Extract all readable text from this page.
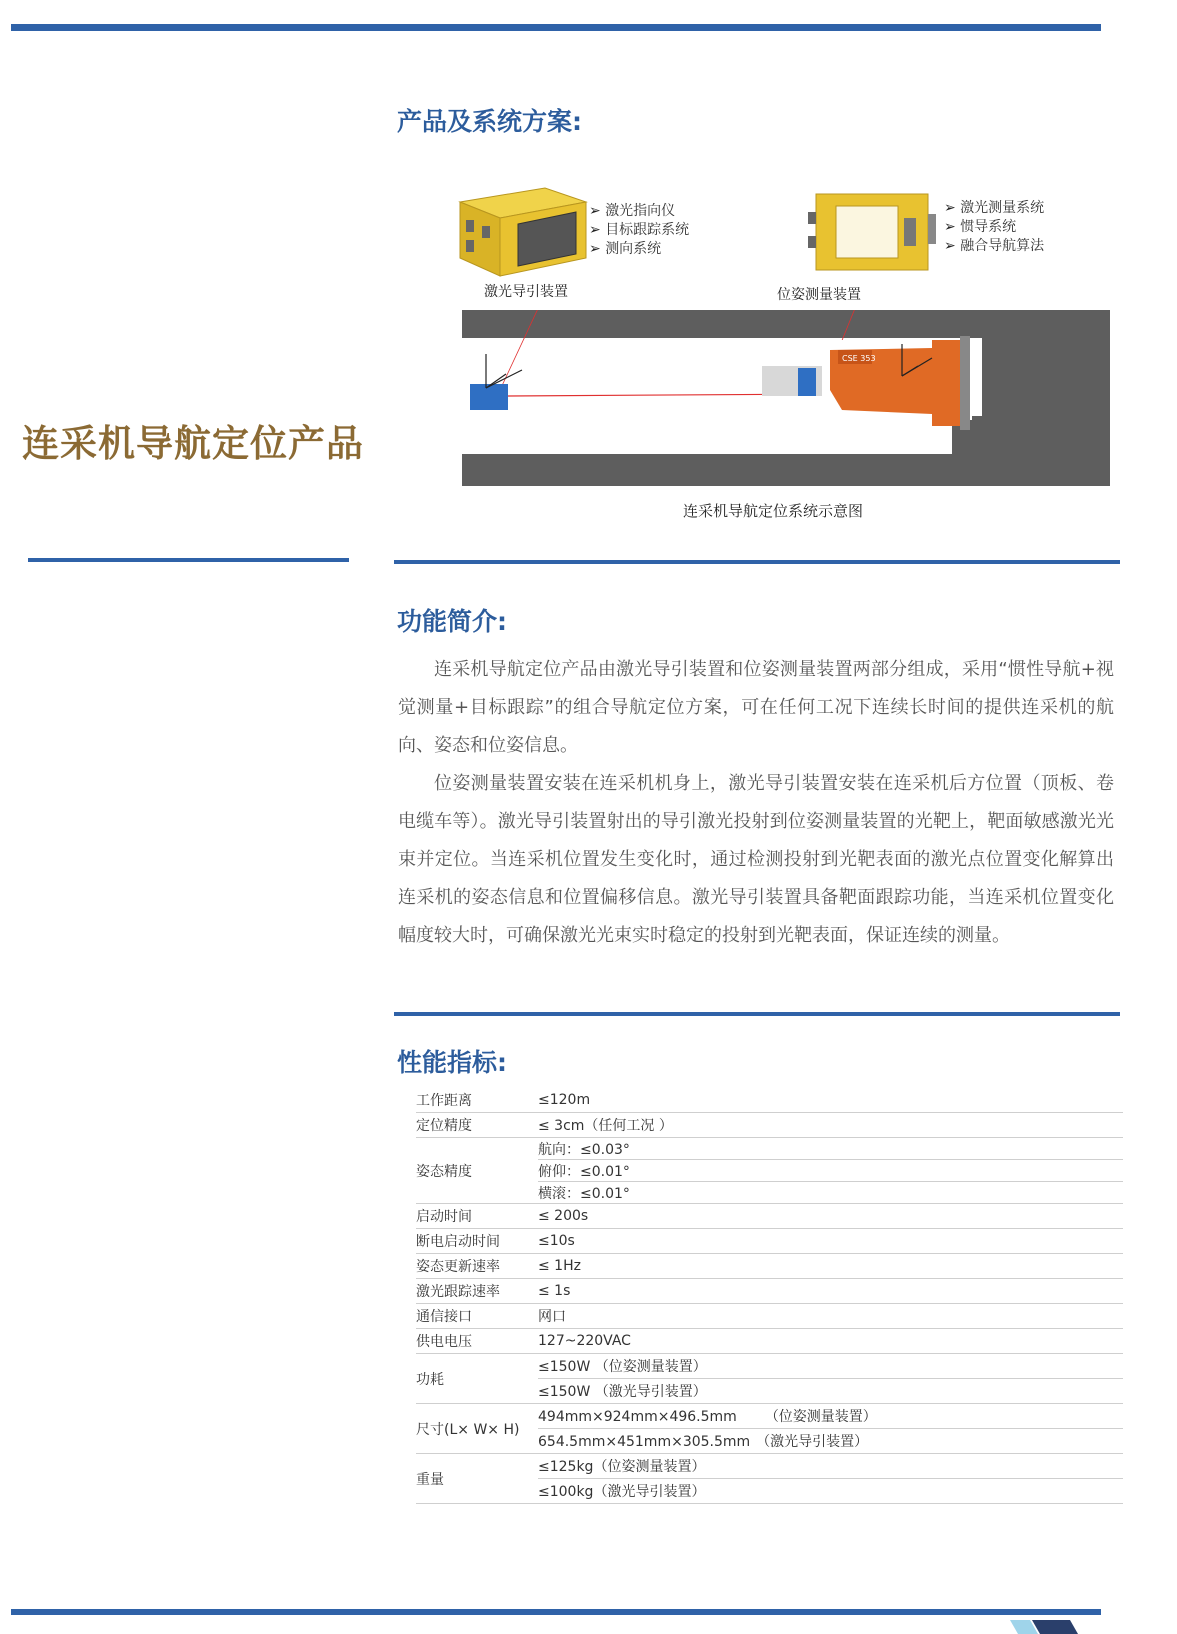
连采机导航定位产品
产品及系统方案:
➢ 激光指向仪
➢ 目标跟踪系统
➢ 测向系统
激光导引装置
➢ 激光测量系统
➢ 惯导系统
➢ 融合导航算法
位姿测量装置
CSE 353
连采机导航定位系统示意图
功能简介:

连采机导航定位产品由激光导引装置和位姿测量装置两部分组成，采用“惯性导航+视觉测量+目标跟踪”的组合导航定位方案，可在任何工况下连续长时间的提供连采机的航向、姿态和位姿信息。

位姿测量装置安装在连采机机身上，激光导引装置安装在连采机后方位置（顶板、卷电缆车等）。激光导引装置射出的导引激光投射到位姿测量装置的光靶上，靶面敏感激光光束并定位。当连采机位置发生变化时，通过检测投射到光靶表面的激光点位置变化解算出连采机的姿态信息和位置偏移信息。激光导引装置具备靶面跟踪功能，当连采机位置变化幅度较大时，可确保激光光束实时稳定的投射到光靶表面，保证连续的测量。

性能指标:
工作距离	≤120m
定位精度	≤ 3cm（任何工况 ）
姿态精度	航向：≤0.03°
	俯仰：≤0.01°
	横滚：≤0.01°
启动时间	≤ 200s
断电启动时间	≤10s
姿态更新速率	≤ 1Hz
激光跟踪速率	≤ 1s
通信接口	网口
供电电压	127~220VAC
功耗	≤150W （位姿测量装置）
	≤150W （激光导引装置）
尺寸(L× W× H)	494mm×924mm×496.5mm （位姿测量装置）
	654.5mm×451mm×305.5mm （激光导引装置）
重量	≤125kg（位姿测量装置）
	≤100kg（激光导引装置）
